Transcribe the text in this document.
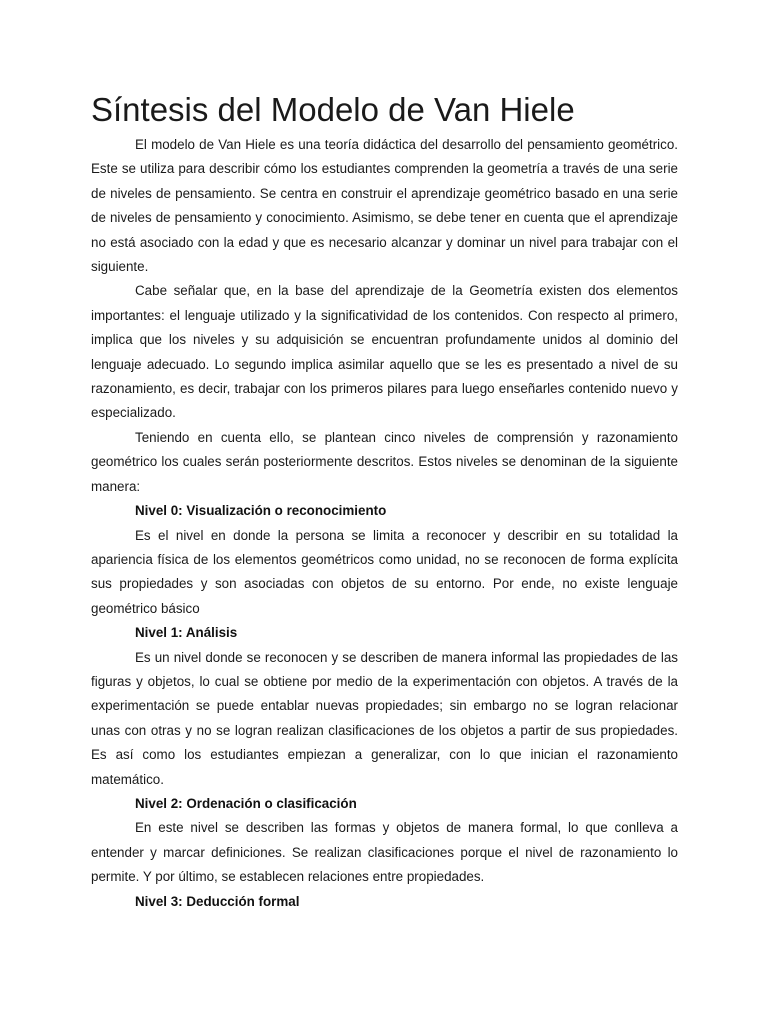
Síntesis del Modelo de Van Hiele

El modelo de Van Hiele es una teoría didáctica del desarrollo del pensamiento geométrico. Este se utiliza para describir cómo los estudiantes comprenden la geometría a través de una serie de niveles de pensamiento. Se centra en construir el aprendizaje geométrico basado en una serie de niveles de pensamiento y conocimiento. Asimismo, se debe tener en cuenta que el aprendizaje no está asociado con la edad y que es necesario alcanzar y dominar un nivel para trabajar con el siguiente.

Cabe señalar que, en la base del aprendizaje de la Geometría existen dos elementos importantes: el lenguaje utilizado y la significatividad de los contenidos. Con respecto al primero, implica que los niveles y su adquisición se encuentran profundamente unidos al dominio del lenguaje adecuado. Lo segundo implica asimilar aquello que se les es presentado a nivel de su razonamiento, es decir, trabajar con los primeros pilares para luego enseñarles contenido nuevo y especializado.

Teniendo en cuenta ello, se plantean cinco niveles de comprensión y razonamiento geométrico los cuales serán posteriormente descritos. Estos niveles se denominan de la siguiente manera:

Nivel 0: Visualización o reconocimiento

Es el nivel en donde la persona se limita a reconocer y describir en su totalidad la apariencia física de los elementos geométricos como unidad, no se reconocen de forma explícita sus propiedades y son asociadas con objetos de su entorno. Por ende, no existe lenguaje geométrico básico

Nivel 1: Análisis

Es un nivel donde se reconocen y se describen de manera informal las propiedades de las figuras y objetos, lo cual se obtiene por medio de la experimentación con objetos. A través de la experimentación se puede entablar nuevas propiedades; sin embargo no se logran relacionar unas con otras y no se logran realizan clasificaciones de los objetos a partir de sus propiedades. Es así como los estudiantes empiezan a generalizar, con lo que inician el razonamiento matemático.

Nivel 2: Ordenación o clasificación

En este nivel se describen las formas y objetos de manera formal, lo que conlleva a entender y marcar definiciones. Se realizan clasificaciones porque el nivel de razonamiento lo permite. Y por último, se establecen relaciones entre propiedades.

Nivel 3: Deducción formal
